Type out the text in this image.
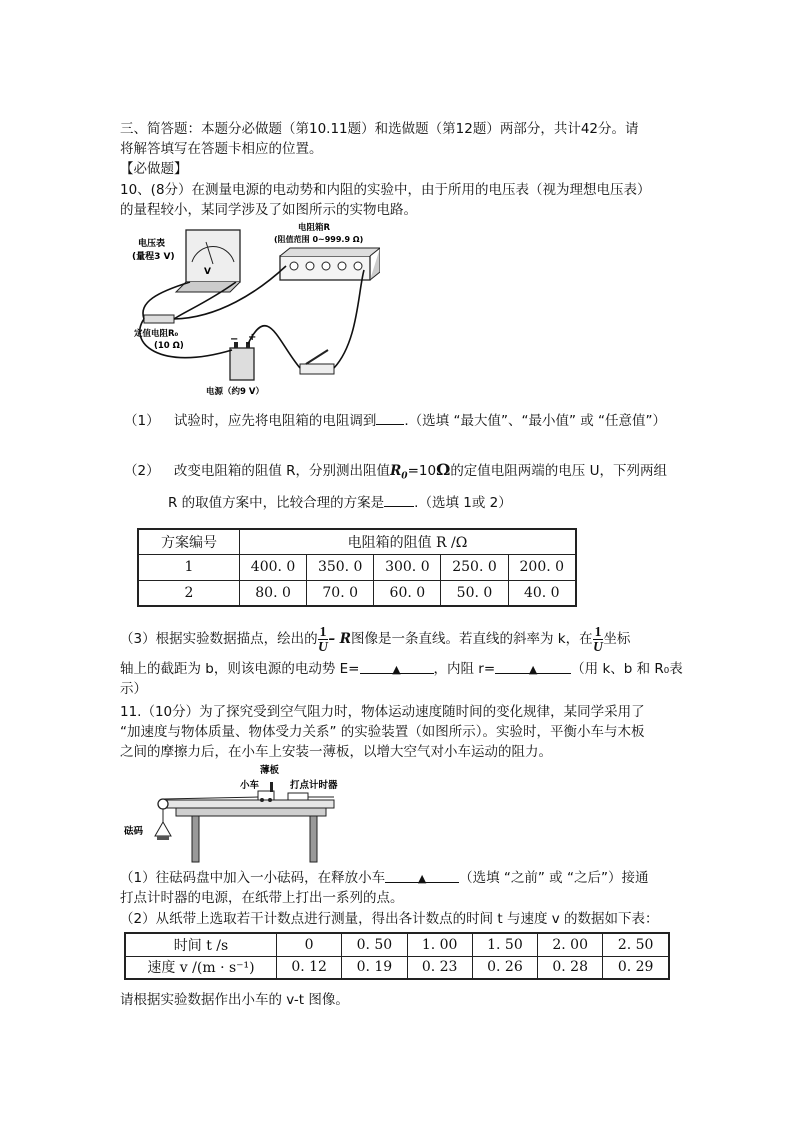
三、简答题：本题分必做题（第10.11题）和选做题（第12题）两部分，共计42分。请
将解答填写在答题卡相应的位置。
【必做题】
10、(8分）在测量电源的电动势和内阻的实验中，由于所用的电压表（视为理想电压表）
的量程较小，某同学涉及了如图所示的实物电路。
V
电压表
(量程3 V)
电阻箱R
(阻值范围 0~999.9 Ω)
定值电阻R₀
(10 Ω)
− +
电源（约9 V）
（1） 试验时，应先将电阻箱的电阻调到 .（选填 “最大值”、“最小值” 或 “任意值”）
（2） 改变电阻箱的阻值 R，分别测出阻值$R_0=10\Omega$的定值电阻两端的电压 U，下列两组
R 的取值方案中，比较合理的方案是 .（选填 1或 2）
方案编号	电阻箱的阻值 R /Ω				
1	400. 0	350. 0	300. 0	250. 0	200. 0
2	80. 0	70. 0	60. 0	50. 0	40. 0
（3）根据实验数据描点，绘出的 $\frac{1}{U}$ – R图像是一条直线。若直线的斜率为 k，在 $\frac{1}{U}$ 坐标
轴上的截距为 b，则该电源的电动势 E=	▲ ，内阻 r=	▲	（用 k、b 和 R₀表
示）
11.（10分）为了探究受到空气阻力时，物体运动速度随时间的变化规律，某同学采用了
“加速度与物体质量、物体受力关系” 的实验装置（如图所示）。实验时，平衡小车与木板
之间的摩擦力后，在小车上安装一薄板，以增大空气对小车运动的阻力。
薄板
小车	打点计时器
砝码
（1）往砝码盘中加入一小砝码，在释放小车	▲ （选填 “之前” 或 “之后”）接通
打点计时器的电源，在纸带上打出一系列的点。
（2）从纸带上选取若干计数点进行测量，得出各计数点的时间 t 与速度 v 的数据如下表：
时间 t /s	0	0. 50	1. 00	1. 50	2. 00	2. 50
速度 v /(m · s⁻¹)	0. 12	0. 19	0. 23	0. 26	0. 28	0. 29
请根据实验数据作出小车的 v-t 图像。
